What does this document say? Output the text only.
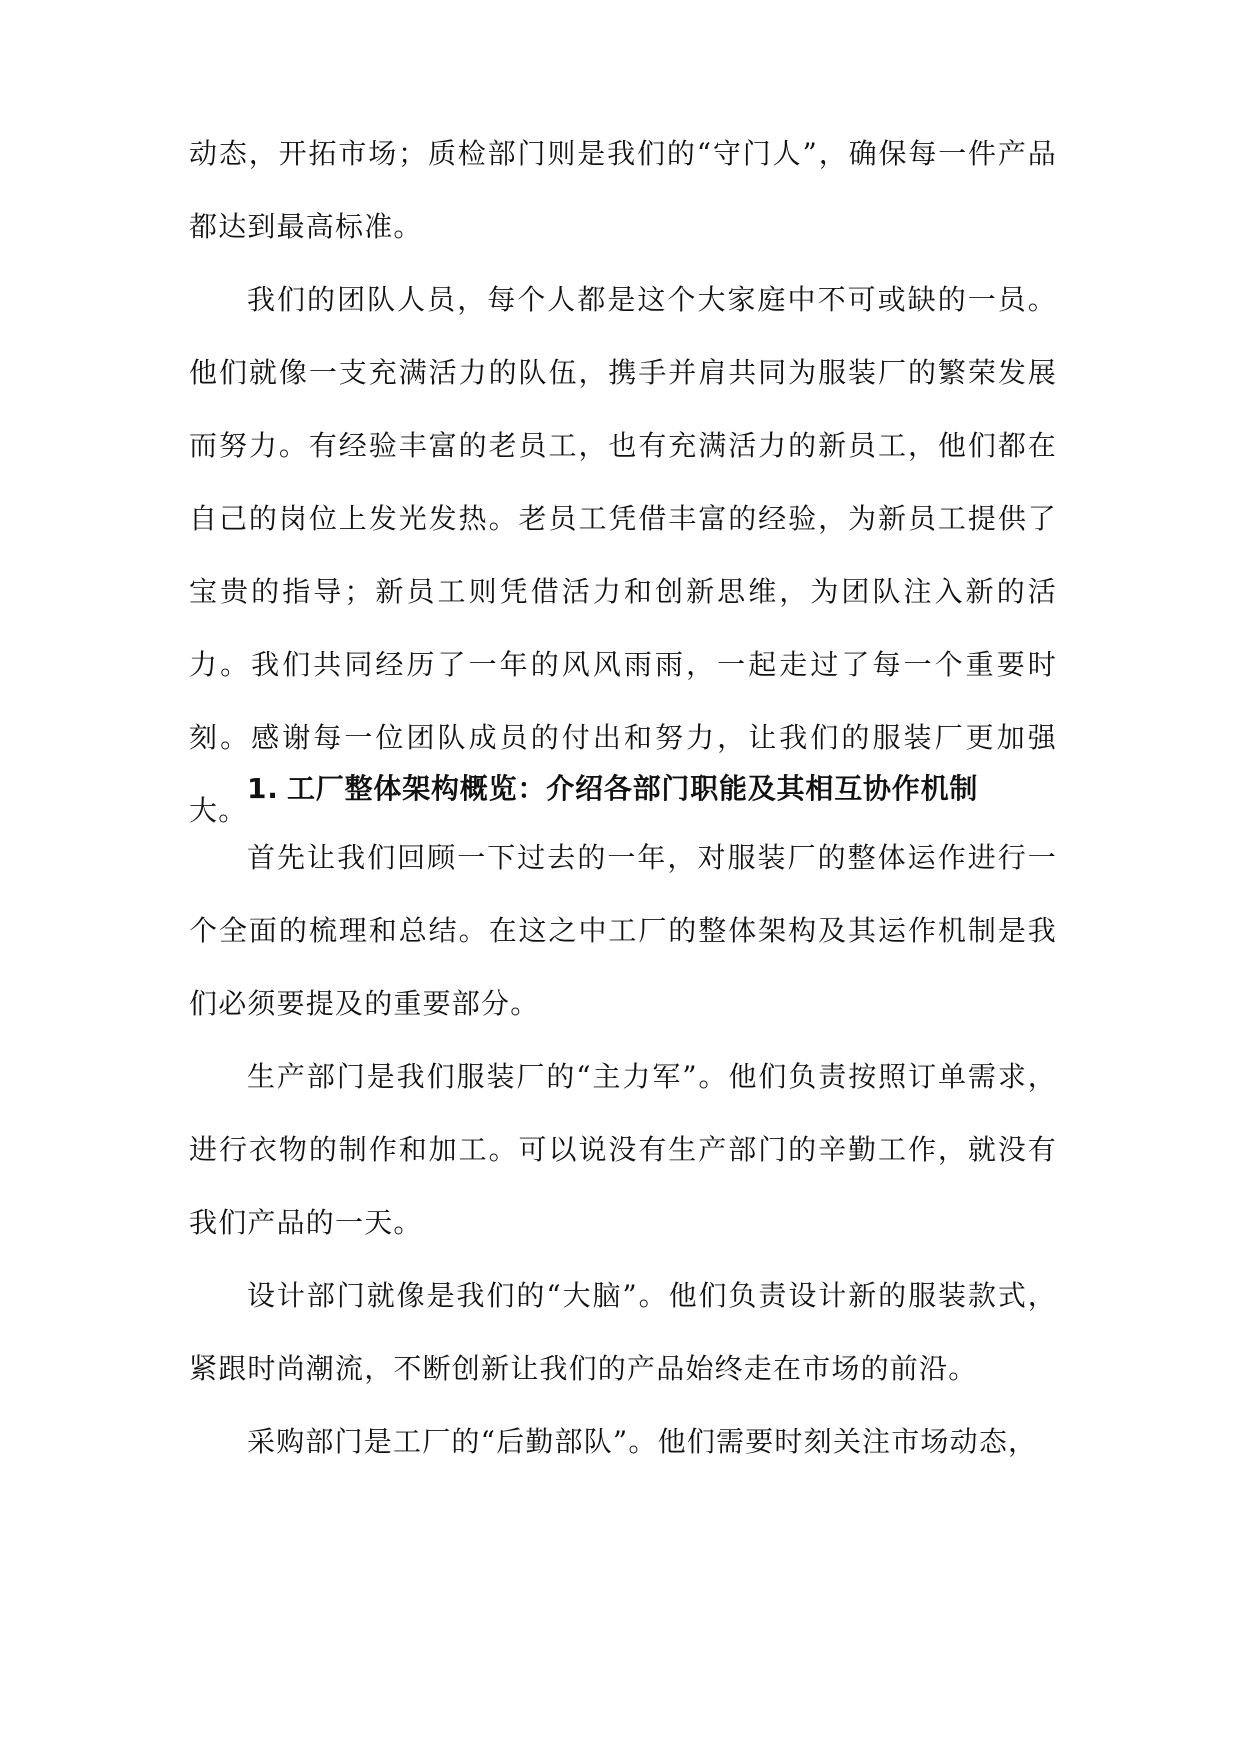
动态，开拓市场；质检部门则是我们的“守门人”，确保每一件产品都达到最高标准。

我们的团队人员，每个人都是这个大家庭中不可或缺的一员。他们就像一支充满活力的队伍，携手并肩共同为服装厂的繁荣发展而努力。有经验丰富的老员工，也有充满活力的新员工，他们都在自己的岗位上发光发热。老员工凭借丰富的经验，为新员工提供了宝贵的指导；新员工则凭借活力和创新思维，为团队注入新的活力。我们共同经历了一年的风风雨雨，一起走过了每一个重要时刻。感谢每一位团队成员的付出和努力，让我们的服装厂更加强大。

1. 工厂整体架构概览：介绍各部门职能及其相互协作机制

首先让我们回顾一下过去的一年，对服装厂的整体运作进行一个全面的梳理和总结。在这之中工厂的整体架构及其运作机制是我们必须要提及的重要部分。

生产部门是我们服装厂的“主力军”。他们负责按照订单需求，进行衣物的制作和加工。可以说没有生产部门的辛勤工作，就没有我们产品的一天。

设计部门就像是我们的“大脑”。他们负责设计新的服装款式，紧跟时尚潮流，不断创新让我们的产品始终走在市场的前沿。

采购部门是工厂的“后勤部队”。他们需要时刻关注市场动态，
